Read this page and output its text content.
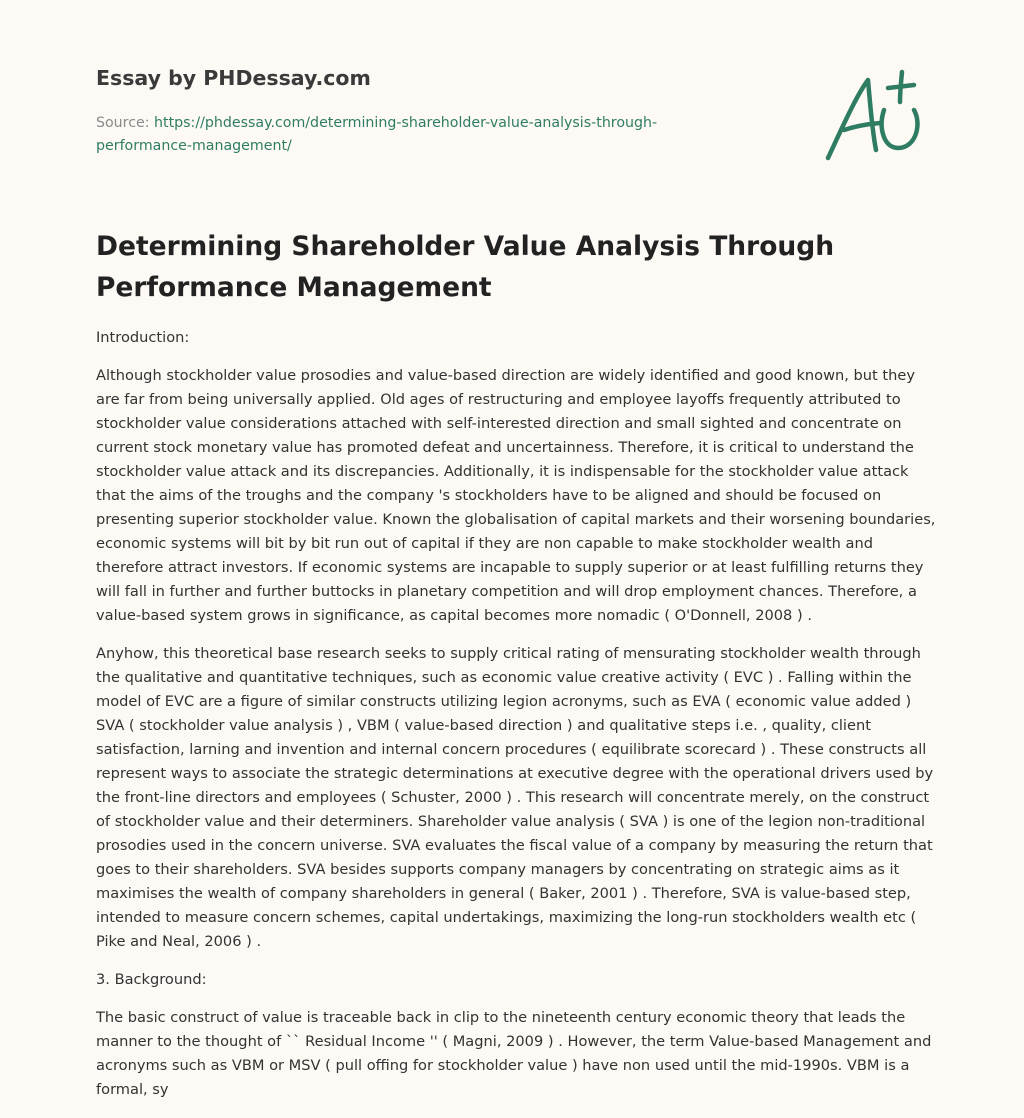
Essay by PHDessay.com
Source: https://phdessay.com/determining-shareholder-value-analysis-through-performance-management/
Determining Shareholder Value Analysis Through Performance Management

Introduction:

Although stockholder value prosodies and value-based direction are widely identified and good known, but they are far from being universally applied. Old ages of restructuring and employee layoffs frequently attributed to stockholder value considerations attached with self-interested direction and small sighted and concentrate on current stock monetary value has promoted defeat and uncertainness. Therefore, it is critical to understand the stockholder value attack and its discrepancies. Additionally, it is indispensable for the stockholder value attack that the aims of the troughs and the company 's stockholders have to be aligned and should be focused on presenting superior stockholder value. Known the globalisation of capital markets and their worsening boundaries, economic systems will bit by bit run out of capital if they are non capable to make stockholder wealth and therefore attract investors. If economic systems are incapable to supply superior or at least fulfilling returns they will fall in further and further buttocks in planetary competition and will drop employment chances. Therefore, a value-based system grows in significance, as capital becomes more nomadic ( O'Donnell, 2008 ) .

Anyhow, this theoretical base research seeks to supply critical rating of mensurating stockholder wealth through the qualitative and quantitative techniques, such as economic value creative activity ( EVC ) . Falling within the model of EVC are a figure of similar constructs utilizing legion acronyms, such as EVA ( economic value added ) SVA ( stockholder value analysis ) , VBM ( value-based direction ) and qualitative steps i.e. , quality, client satisfaction, larning and invention and internal concern procedures ( equilibrate scorecard ) . These constructs all represent ways to associate the strategic determinations at executive degree with the operational drivers used by the front-line directors and employees ( Schuster, 2000 ) . This research will concentrate merely, on the construct of stockholder value and their determiners. Shareholder value analysis ( SVA ) is one of the legion non-traditional prosodies used in the concern universe. SVA evaluates the fiscal value of a company by measuring the return that goes to their shareholders. SVA besides supports company managers by concentrating on strategic aims as it maximises the wealth of company shareholders in general ( Baker, 2001 ) . Therefore, SVA is value-based step, intended to measure concern schemes, capital undertakings, maximizing the long-run stockholders wealth etc ( Pike and Neal, 2006 ) .

3. Background:

The basic construct of value is traceable back in clip to the nineteenth century economic theory that leads the manner to the thought of `` Residual Income '' ( Magni, 2009 ) . However, the term Value-based Management and acronyms such as VBM or MSV ( pull offing for stockholder value ) have non used until the mid-1990s. VBM is a formal, sy
